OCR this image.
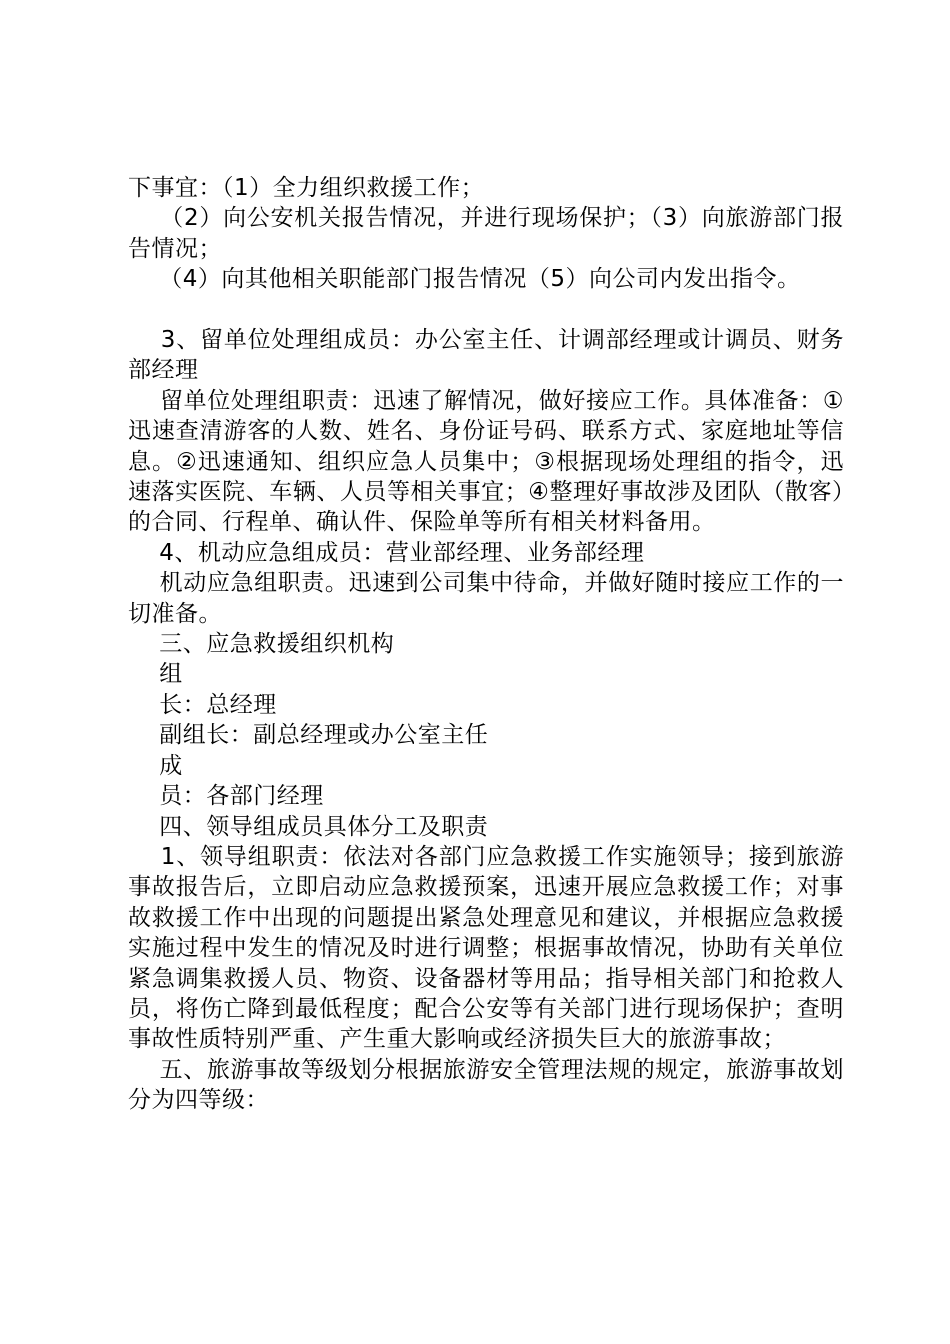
下事宜：（1）全力组织救援工作；

（2）向公安机关报告情况，并进行现场保护；（3）向旅游部门报告情况；

（4）向其他相关职能部门报告情况（5）向公司内发出指令。

3、留单位处理组成员：办公室主任、计调部经理或计调员、财务部经理

留单位处理组职责：迅速了解情况，做好接应工作。具体准备：①迅速查清游客的人数、姓名、身份证号码、联系方式、家庭地址等信息。②迅速通知、组织应急人员集中；③根据现场处理组的指令，迅速落实医院、车辆、人员等相关事宜；④整理好事故涉及团队（散客）的合同、行程单、确认件、保险单等所有相关材料备用。

4、机动应急组成员：营业部经理、业务部经理

机动应急组职责。迅速到公司集中待命，并做好随时接应工作的一切准备。

三、应急救援组织机构

组

长：总经理

副组长：副总经理或办公室主任

成

员：各部门经理

四、领导组成员具体分工及职责

1、领导组职责：依法对各部门应急救援工作实施领导；接到旅游事故报告后，立即启动应急救援预案，迅速开展应急救援工作；对事故救援工作中出现的问题提出紧急处理意见和建议，并根据应急救援实施过程中发生的情况及时进行调整；根据事故情况，协助有关单位紧急调集救援人员、物资、设备器材等用品；指导相关部门和抢救人员，将伤亡降到最低程度；配合公安等有关部门进行现场保护；查明事故性质特别严重、产生重大影响或经济损失巨大的旅游事故；

五、旅游事故等级划分根据旅游安全管理法规的规定，旅游事故划分为四等级：
